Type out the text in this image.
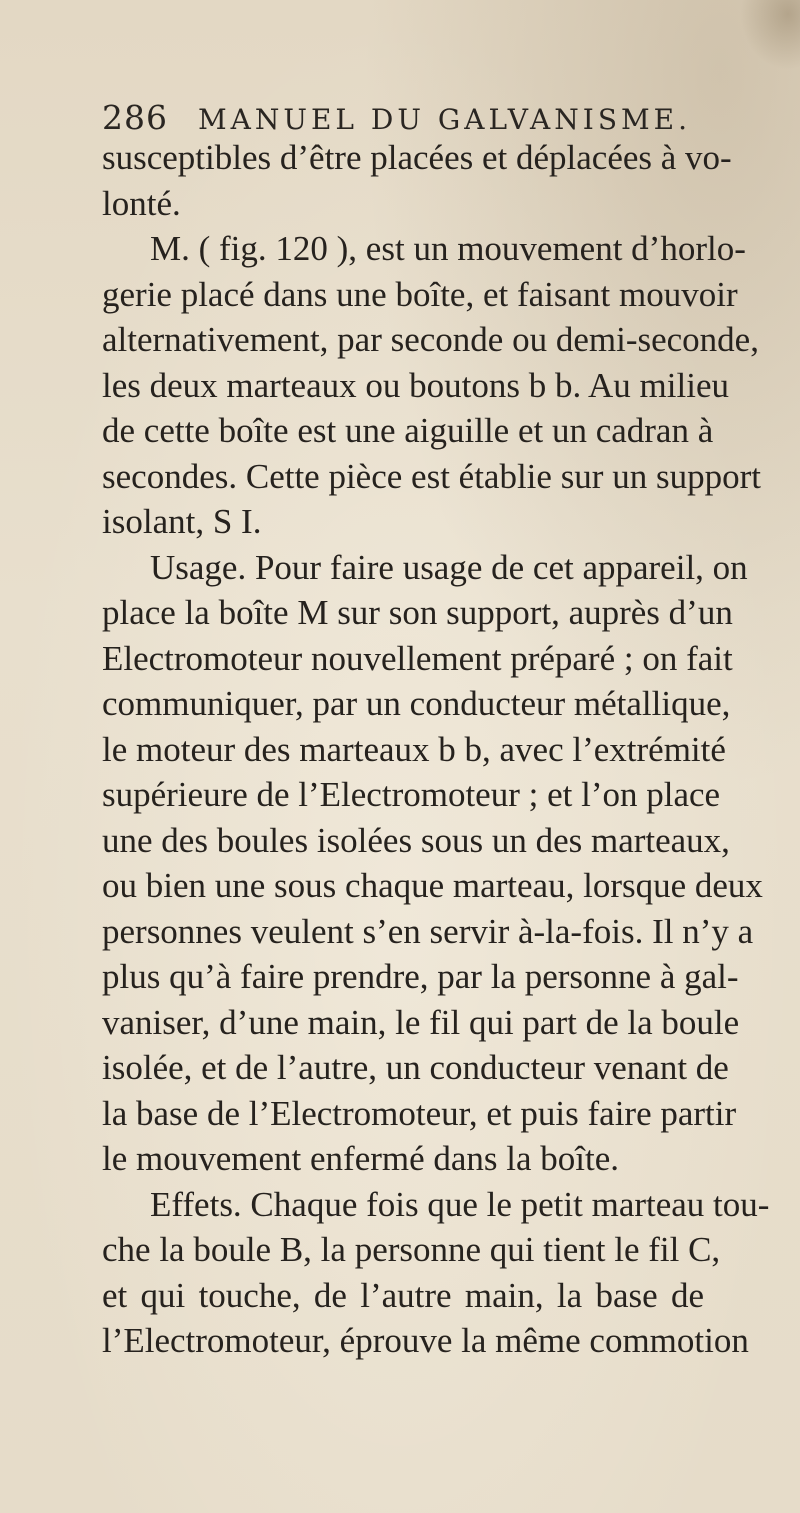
286 MANUEL DU GALVANISME.
susceptibles d’être placées et déplacées à vo-
lonté.
M. ( fig. 120 ), est un mouvement d’horlo-
gerie placé dans une boîte, et faisant mouvoir
alternativement, par seconde ou demi-seconde,
les deux marteaux ou boutons b b. Au milieu
de cette boîte est une aiguille et un cadran à
secondes. Cette pièce est établie sur un support
isolant, S I.
Usage. Pour faire usage de cet appareil, on
place la boîte M sur son support, auprès d’un
Electromoteur nouvellement préparé ; on fait
communiquer, par un conducteur métallique,
le moteur des marteaux b b, avec l’extrémité
supérieure de l’Electromoteur ; et l’on place
une des boules isolées sous un des marteaux,
ou bien une sous chaque marteau, lorsque deux
personnes veulent s’en servir à-la-fois. Il n’y a
plus qu’à faire prendre, par la personne à gal-
vaniser, d’une main, le fil qui part de la boule
isolée, et de l’autre, un conducteur venant de
la base de l’Electromoteur, et puis faire partir
le mouvement enfermé dans la boîte.
Effets. Chaque fois que le petit marteau tou-
che la boule B, la personne qui tient le fil C,
et qui touche, de l’autre main, la base de
l’Electromoteur, éprouve la même commotion
